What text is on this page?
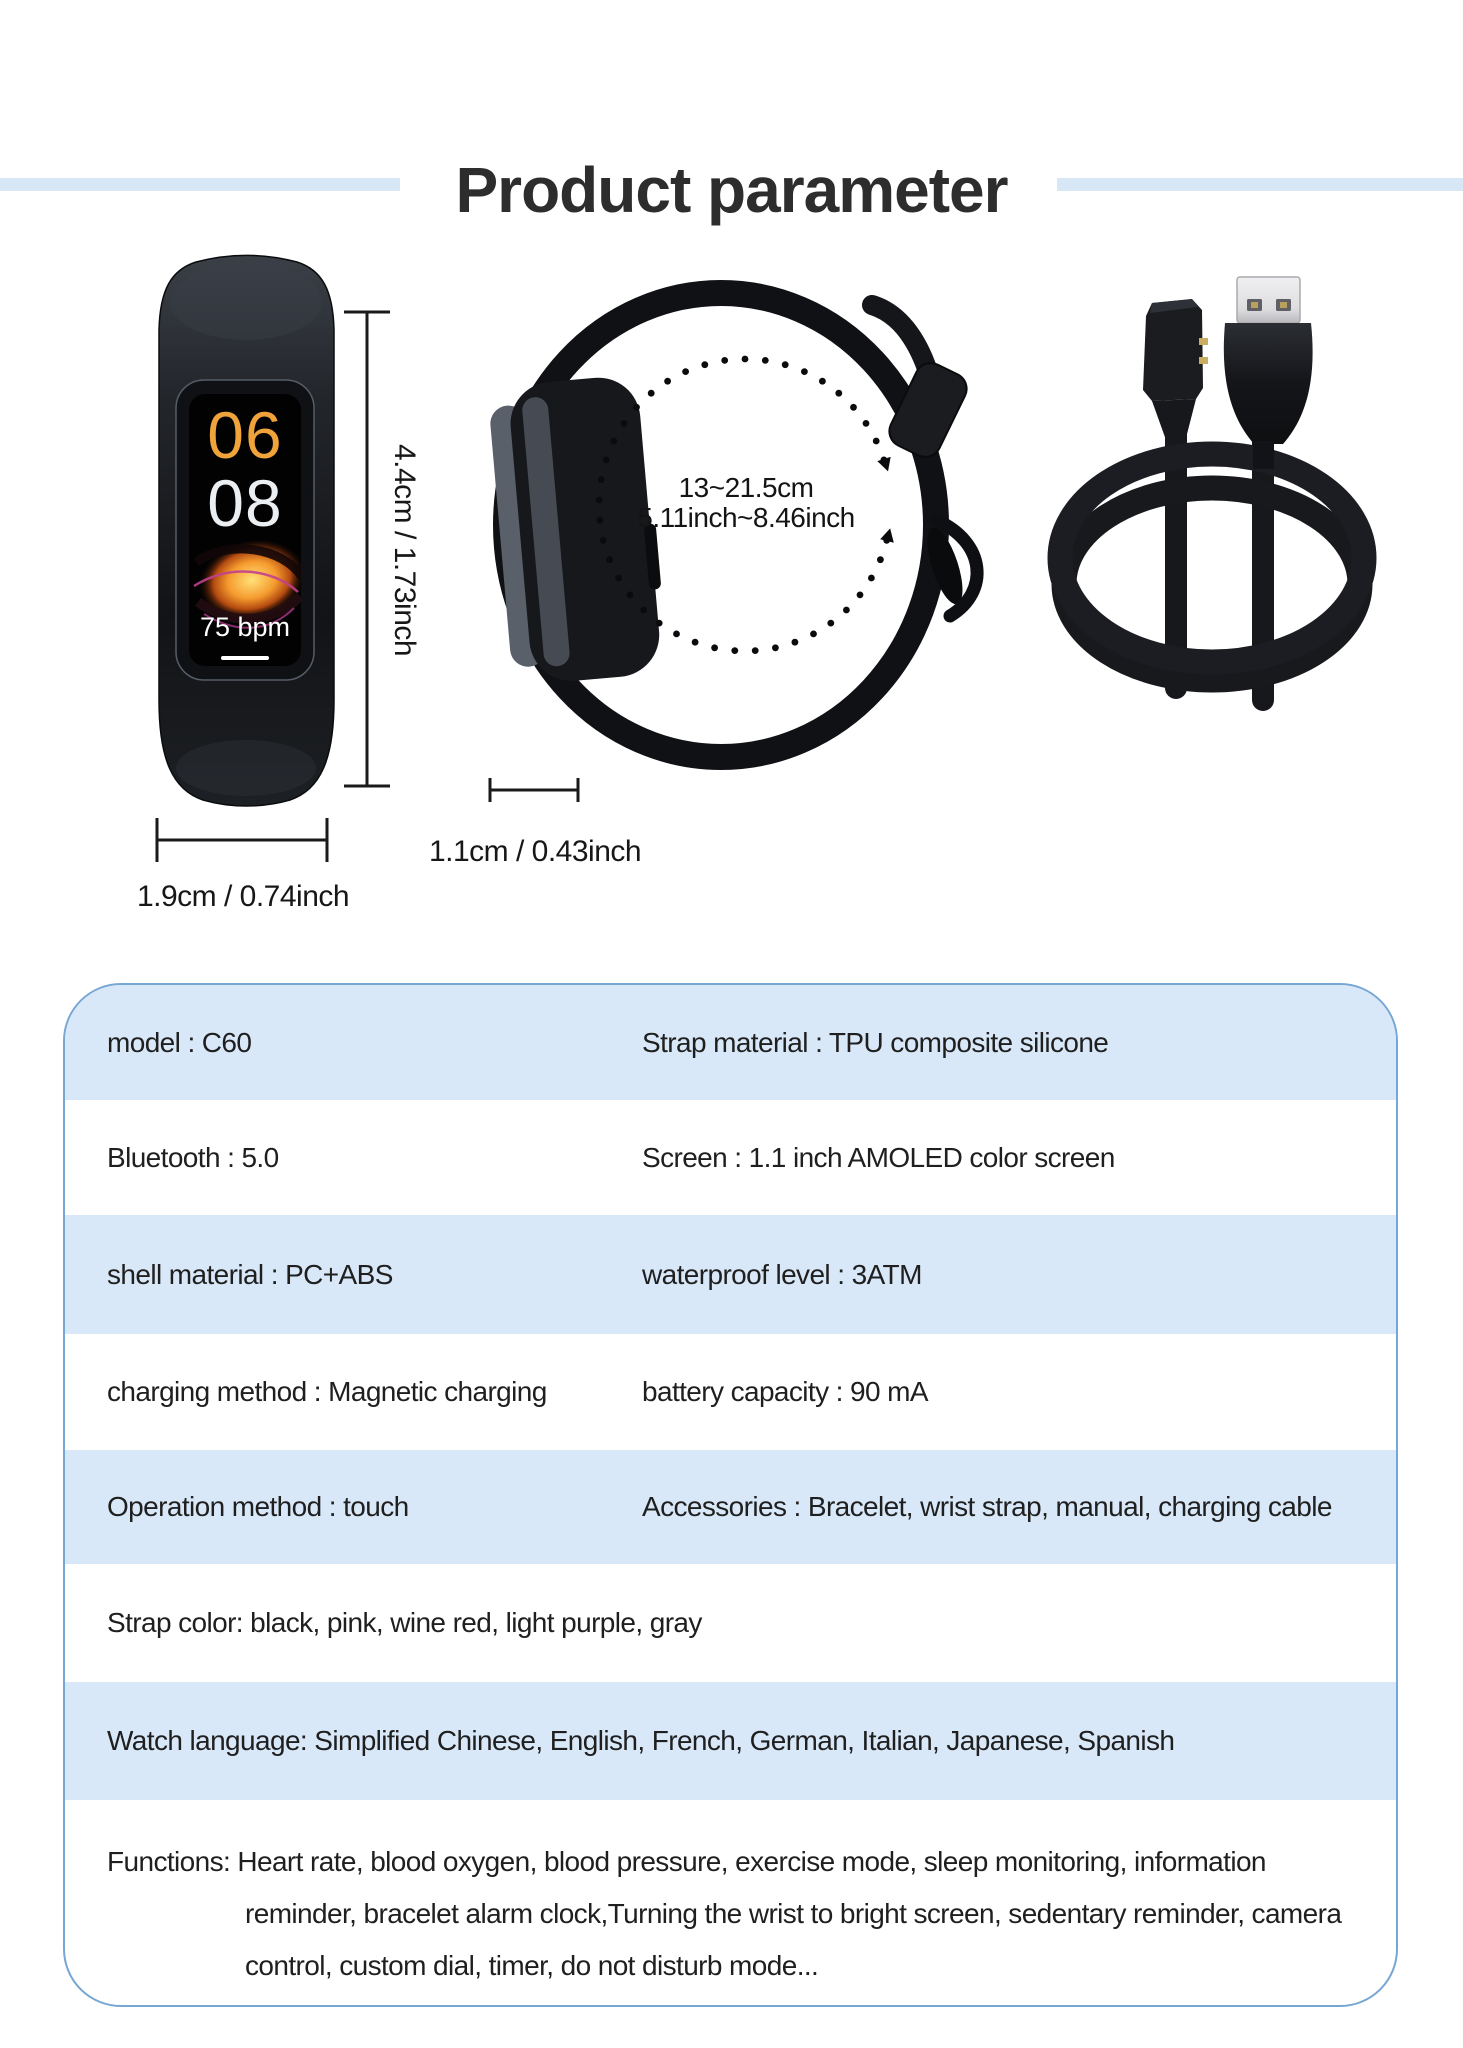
Product parameter
06
08
75 bpm	4.4cm / 1.73inch
1.9cm / 0.74inch
1.1cm / 0.43inch
13~21.5cm
5.11inch~8.46inch
model : C60	Strap material : TPU composite silicone
Bluetooth : 5.0	Screen : 1.1 inch AMOLED color screen
shell material : PC+ABS	waterproof level : 3ATM
charging method : Magnetic charging	battery capacity : 90 mA
Operation method : touch	Accessories : Bracelet, wrist strap, manual, charging cable
Strap color: black, pink, wine red, light purple, gray
Watch language: Simplified Chinese, English, French, German, Italian, Japanese, Spanish
Functions: Heart rate, blood oxygen, blood pressure, exercise mode, sleep monitoring, information reminder, bracelet alarm clock,Turning the wrist to bright screen, sedentary reminder, camera control, custom dial, timer, do not disturb mode...
